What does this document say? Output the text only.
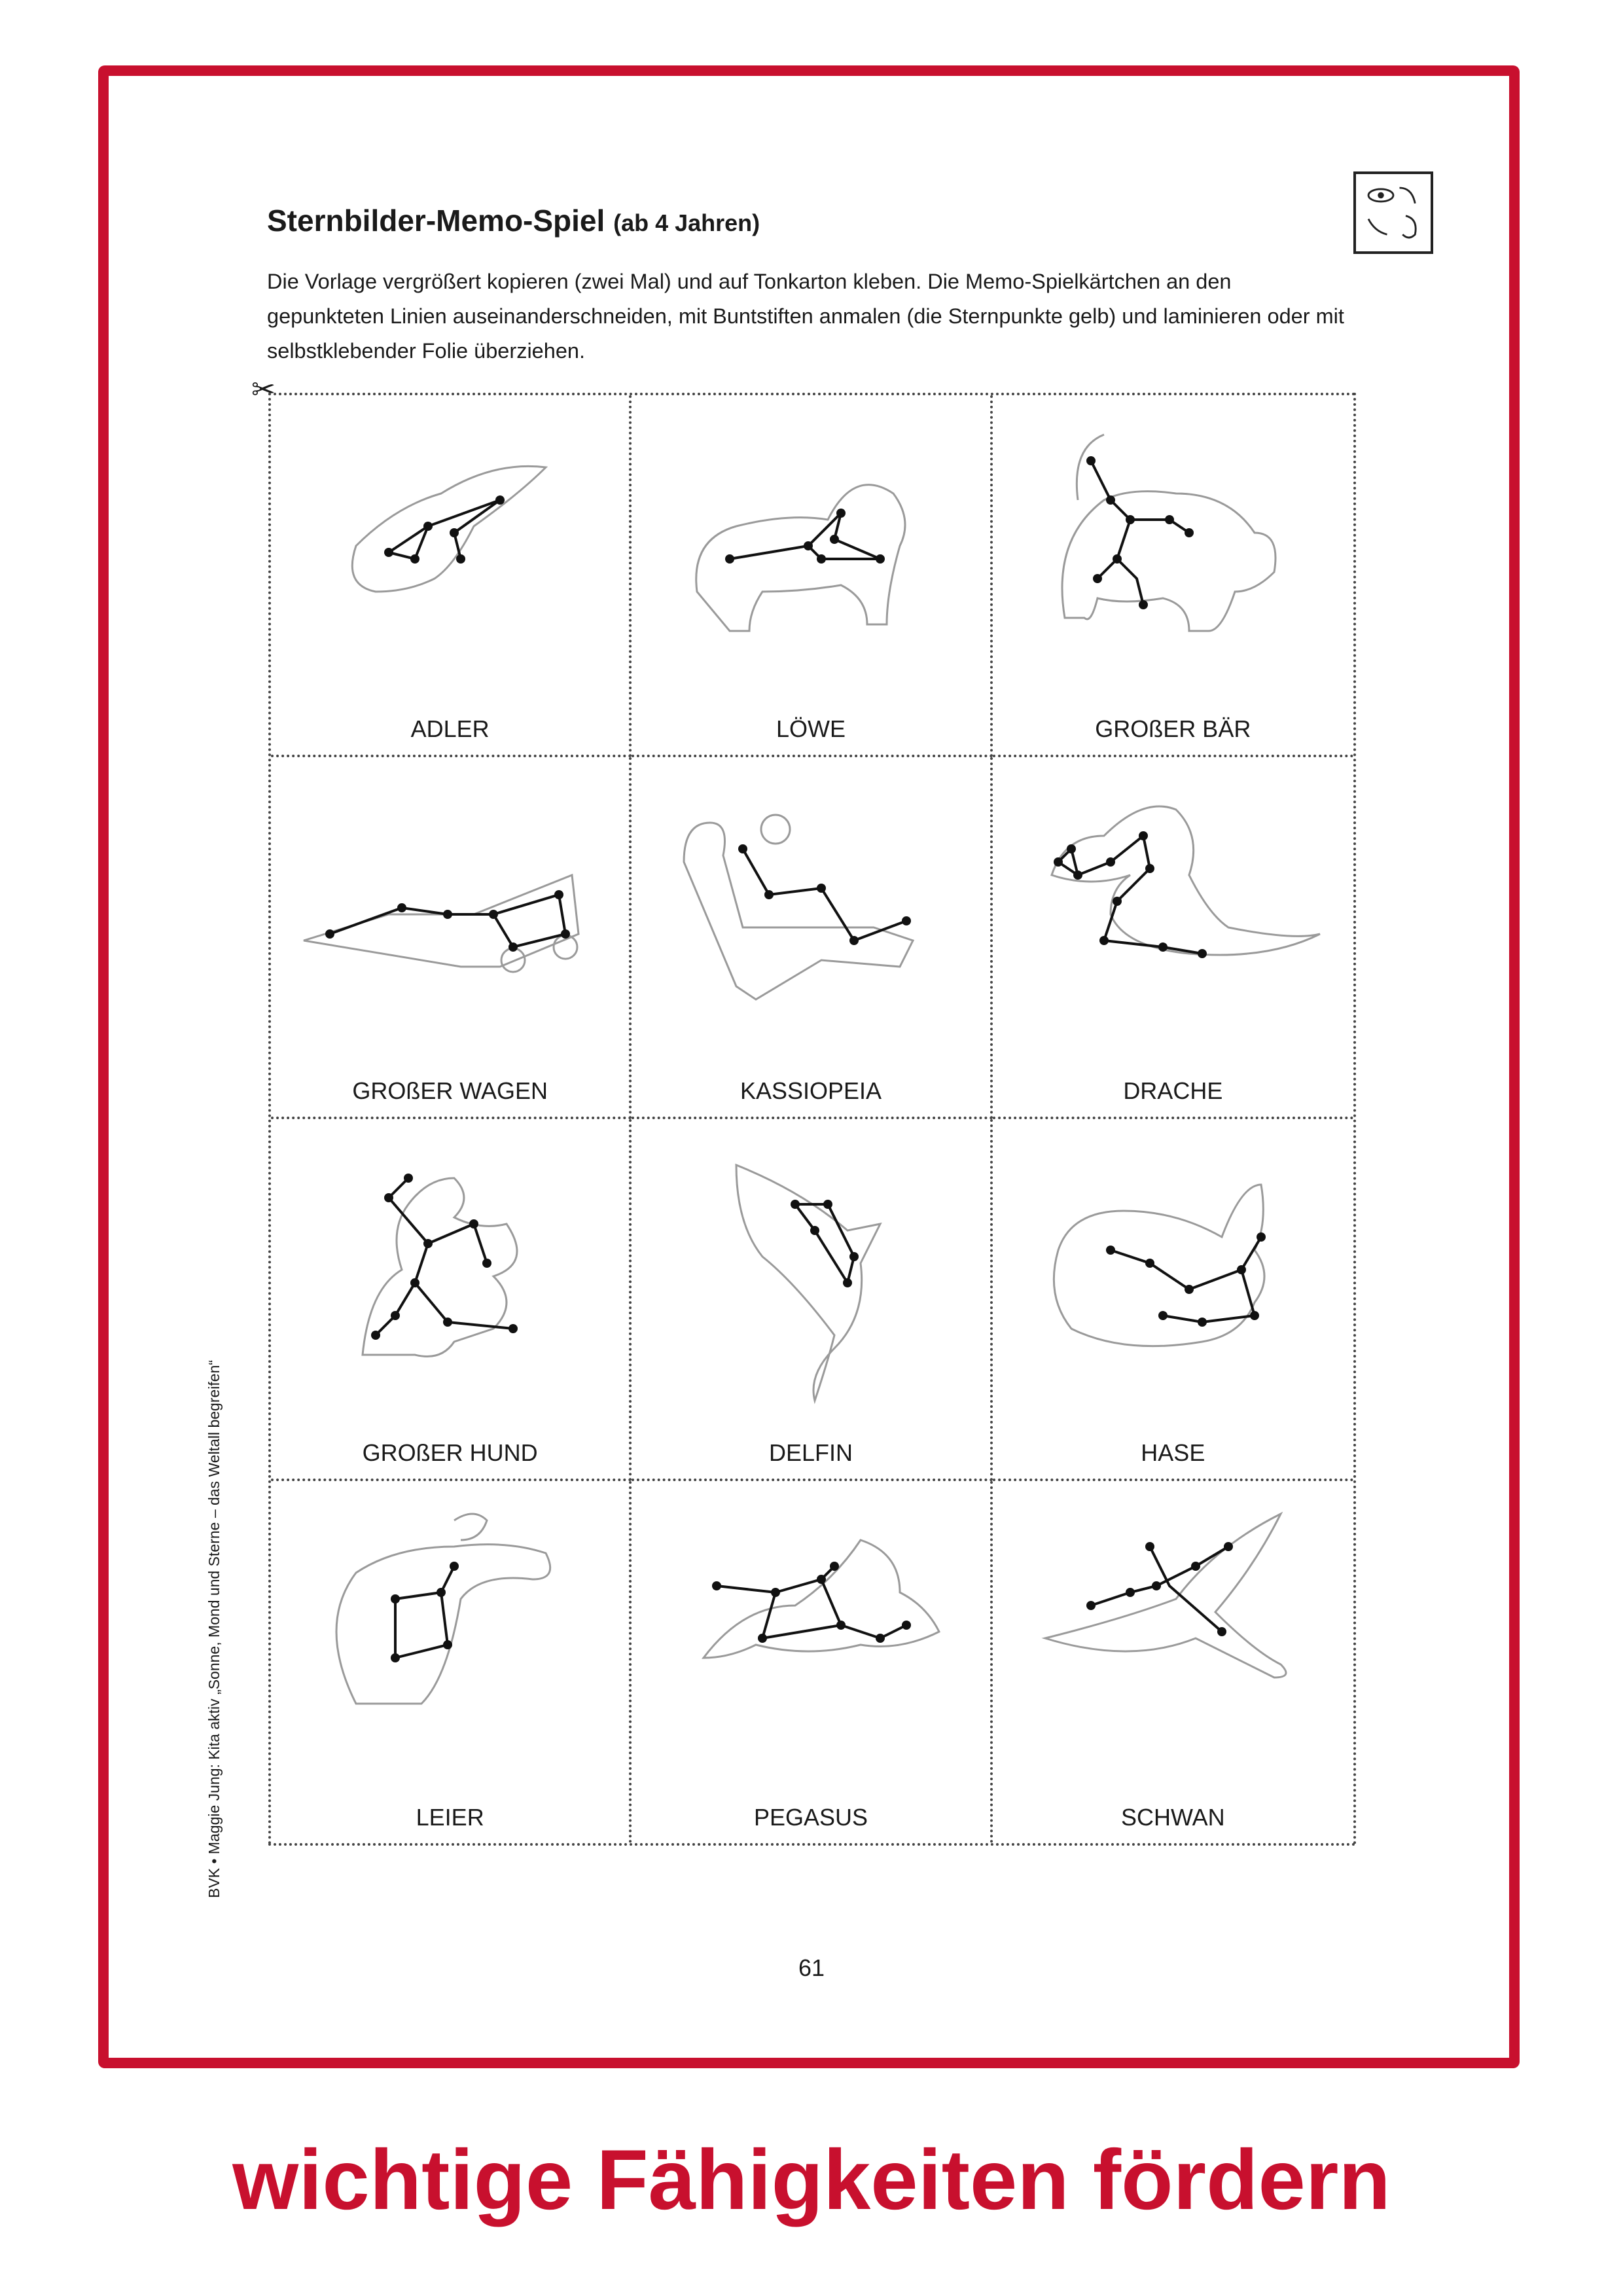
Sternbilder-Memo-Spiel (ab 4 Jahren)
Die Vorlage vergrößert kopieren (zwei Mal) und auf Tonkarton kleben. Die Memo-Spielkärtchen an den gepunkteten Linien auseinanderschneiden, mit Buntstiften anmalen (die Sternpunkte gelb) und laminieren oder mit selbstklebender Folie überziehen.
✂
ADLER	LÖWE	GROßER BÄR
GROßER WAGEN	KASSIOPEIA	DRACHE
GROßER HUND	DELFIN	HASE
LEIER	PEGASUS	SCHWAN
BVK • Maggie Jung: Kita aktiv „Sonne, Mond und Sterne – das Weltall begreifen“
61
wichtige Fähigkeiten fördern
